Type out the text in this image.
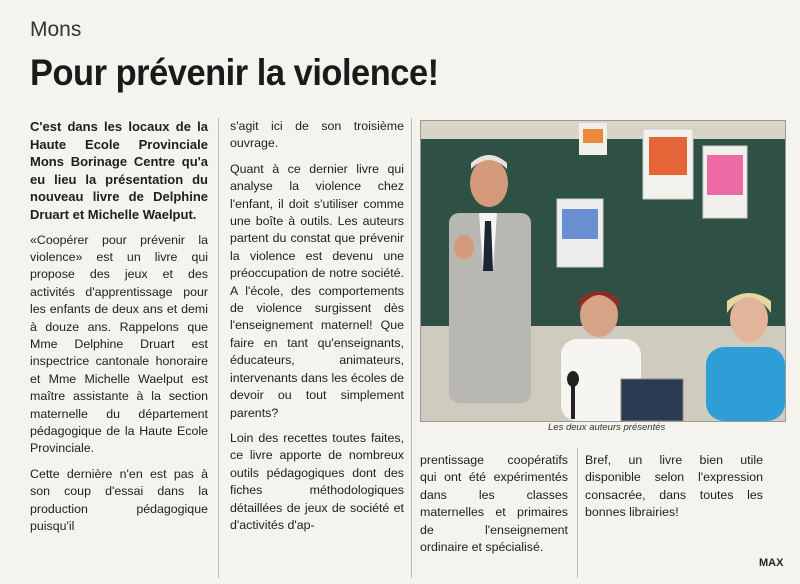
Mons
Pour prévenir la violence!

C'est dans les locaux de la Haute Ecole Provinciale Mons Borinage Centre qu'a eu lieu la présentation du nouveau livre de Delphine Druart et Michelle Waelput.

«Coopérer pour prévenir la violence» est un livre qui propose des jeux et des activités d'apprentissage pour les enfants de deux ans et demi à douze ans. Rappelons que Mme Delphine Druart est inspectrice cantonale honoraire et Mme Michelle Waelput est maître assistante à la section maternelle du département pédagogique de la Haute Ecole Provinciale.

Cette dernière n'en est pas à son coup d'essai dans la production pédagogique puisqu'il

s'agit ici de son troisième ouvrage.

Quant à ce dernier livre qui analyse la violence chez l'enfant, il doit s'utiliser comme une boîte à outils. Les auteurs partent du constat que prévenir la violence est devenu une préoccupation de notre société. A l'école, des comportements de violence surgissent dès l'enseignement maternel! Que faire en tant qu'enseignants, éducateurs, animateurs, intervenants dans les écoles de devoir ou tout simplement parents?

Loin des recettes toutes faites, ce livre apporte de nombreux outils pédagogiques dont des fiches méthodologiques détaillées de jeux de société et d'activités d'ap-

Les deux auteurs présentés

prentissage coopératifs qui ont été expérimentés dans les classes maternelles et primaires de l'enseignement ordinaire et spécialisé.

Bref, un livre bien utile disponible selon l'expression consacrée, dans toutes les bonnes librairies!

MAX
